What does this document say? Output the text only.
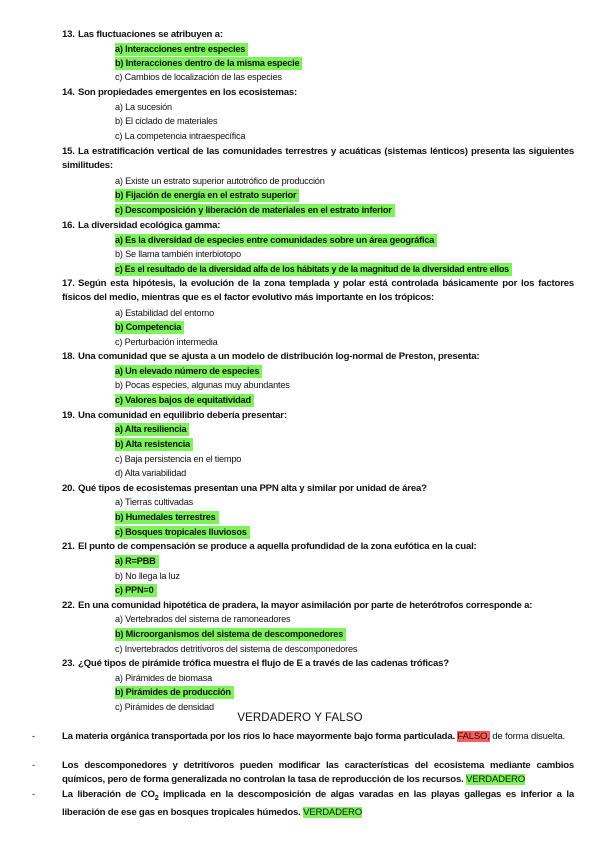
13. Las fluctuaciones se atribuyen a:
a) Interacciones entre especies
b) Interacciones dentro de la misma especie
c) Cambios de localización de las especies
14. Son propiedades emergentes en los ecosistemas:
a) La sucesión
b) El ciclado de materiales
c) La competencia intraespecífica
15. La estratificación vertical de las comunidades terrestres y acuáticas (sistemas lénticos) presenta las siguientes similitudes:
a) Existe un estrato superior autotrófico de producción
b) Fijación de energía en el estrato superior
c) Descomposición y liberación de materiales en el estrato inferior
16. La diversidad ecológica gamma:
a) Es la diversidad de especies entre comunidades sobre un área geográfica
b) Se llama también interbiotopo
c) Es el resultado de la diversidad alfa de los hábitats y de la magnitud de la diversidad entre ellos
17. Según esta hipótesis, la evolución de la zona templada y polar está controlada básicamente por los factores físicos del medio, mientras que es el factor evolutivo más importante en los trópicos:
a) Estabilidad del entorno
b) Competencia
c) Perturbación intermedia
18. Una comunidad que se ajusta a un modelo de distribución log-normal de Preston, presenta:
a) Un elevado número de especies
b) Pocas especies, algunas muy abundantes
c) Valores bajos de equitatividad
19. Una comunidad en equilibrio debería presentar:
a) Alta resiliencia
b) Alta resistencia
c) Baja persistencia en el tiempo
d) Alta variabilidad
20. Qué tipos de ecosistemas presentan una PPN alta y similar por unidad de área?
a) Tierras cultivadas
b) Humedales terrestres
c) Bosques tropicales lluviosos
21. El punto de compensación se produce a aquella profundidad de la zona eufótica en la cual:
a) R=PBB
b) No llega la luz
c) PPN=0
22. En una comunidad hipotética de pradera, la mayor asimilación por parte de heterótrofos corresponde a:
a) Vertebrados del sistema de ramoneadores
b) Microorganismos del sistema de descomponedores
c) Invertebrados detritívoros del sistema de descomponedores
23. ¿Qué tipos de pirámide trófica muestra el flujo de E a través de las cadenas tróficas?
a) Pirámides de biomasa
b) Pirámides de producción
c) Pirámides de densidad
VERDADERO Y FALSO
-	La materia orgánica transportada por los ríos lo hace mayormente bajo forma particulada. FALSO, de forma disuelta.
-	Los descomponedores y detritívoros pueden modificar las características del ecosistema mediante cambios químicos, pero de forma generalizada no controlan la tasa de reproducción de los recursos. VERDADERO
-	La liberación de $CO_2$ implicada en la descomposición de algas varadas en las playas gallegas es inferior a la liberación de ese gas en bosques tropicales húmedos. VERDADERO
